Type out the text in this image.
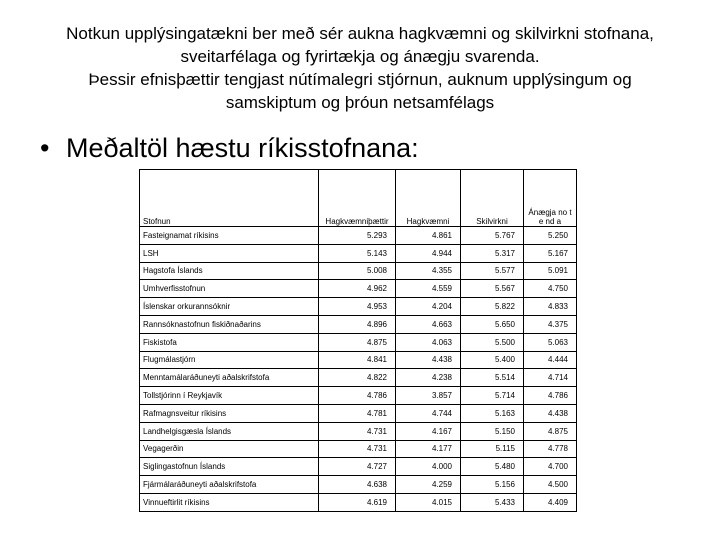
Notkun upplýsingatækni ber með sér aukna hagkvæmni og skilvirkni stofnana,

sveitarfélaga og fyrirtækja og ánægju svarenda.

Þessir efnisþættir tengjast nútímalegri stjórnun, auknum upplýsingum og

samskiptum og þróun netsamfélags

• Meðaltöl hæstu ríkisstofnana:
Stofnun	Hagkvæmniþættir	Hagkvæmni	Skilvirkni	Ánægja no te nd a
Fasteignamat ríkisins	5.293	4.861	5.767	5.250
LSH	5.143	4.944	5.317	5.167
Hagstofa Íslands	5.008	4.355	5.577	5.091
Umhverfisstofnun	4.962	4.559	5.567	4.750
Íslenskar orkurannsóknir	4.953	4.204	5.822	4.833
Rannsóknastofnun fiskiðnaðarins	4.896	4.663	5.650	4.375
Fiskistofa	4.875	4.063	5.500	5.063
Flugmálastjórn	4.841	4.438	5.400	4.444
Menntamálaráðuneyti aðalskrifstofa	4.822	4.238	5.514	4.714
Tollstjórinn í Reykjavík	4.786	3.857	5.714	4.786
Rafmagnsveitur ríkisins	4.781	4.744	5.163	4.438
Landhelgisgæsla Íslands	4.731	4.167	5.150	4.875
Vegagerðin	4.731	4.177	5.115	4.778
Siglingastofnun Íslands	4.727	4.000	5.480	4.700
Fjármálaráðuneyti aðalskrifstofa	4.638	4.259	5.156	4.500
Vinnueftirlit ríkisins	4.619	4.015	5.433	4.409
